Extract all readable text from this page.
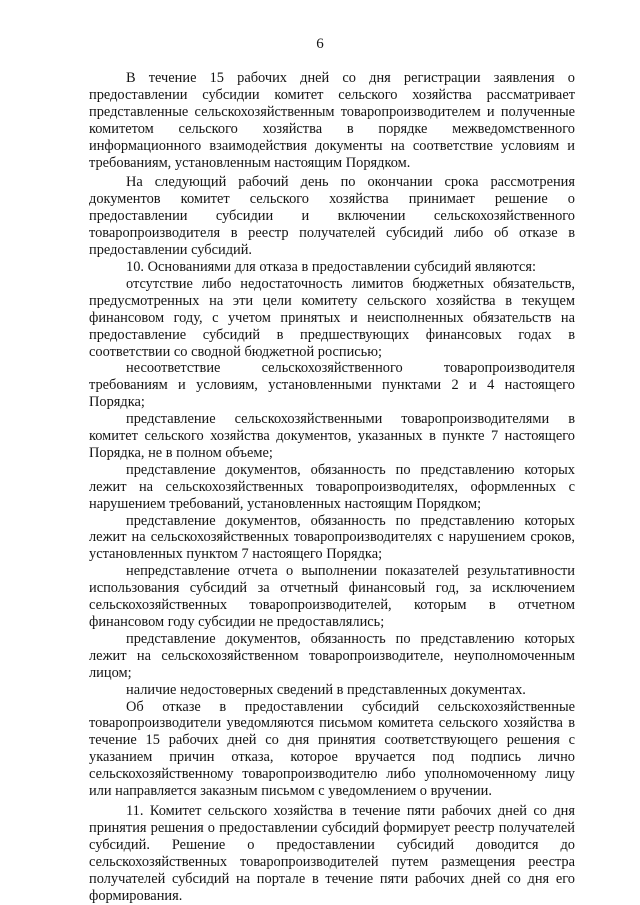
6

В течение 15 рабочих дней со дня регистрации заявления о предоставлении субсидии комитет сельского хозяйства рассматривает представленные сельскохозяйственным товаропроизводителем и полученные комитетом сельского хозяйства в порядке межведомственного информационного взаимодействия документы на соответствие условиям и требованиям, установленным настоящим Порядком.

На следующий рабочий день по окончании срока рассмотрения документов комитет сельского хозяйства принимает решение о предоставлении субсидии и включении сельскохозяйственного товаропроизводителя в реестр получателей субсидий либо об отказе в предоставлении субсидий.

10. Основаниями для отказа в предоставлении субсидий являются:

отсутствие либо недостаточность лимитов бюджетных обязательств, предусмотренных на эти цели комитету сельского хозяйства в текущем финансовом году, с учетом принятых и неисполненных обязательств на предоставление субсидий в предшествующих финансовых годах в соответствии со сводной бюджетной росписью;

несоответствие сельскохозяйственного товаропроизводителя требованиям и условиям, установленными пунктами 2 и 4 настоящего Порядка;

представление сельскохозяйственными товаропроизводителями в комитет сельского хозяйства документов, указанных в пункте 7 настоящего Порядка, не в полном объеме;

представление документов, обязанность по представлению которых лежит на сельскохозяйственных товаропроизводителях, оформленных с нарушением требований, установленных настоящим Порядком;

представление документов, обязанность по представлению которых лежит на сельскохозяйственных товаропроизводителях с нарушением сроков, установленных пунктом 7 настоящего Порядка;

непредставление отчета о выполнении показателей результативности использования субсидий за отчетный финансовый год, за исключением сельскохозяйственных товаропроизводителей, которым в отчетном финансовом году субсидии не предоставлялись;

представление документов, обязанность по представлению которых лежит на сельскохозяйственном товаропроизводителе, неуполномоченным лицом;

наличие недостоверных сведений в представленных документах.

Об отказе в предоставлении субсидий сельскохозяйственные товаропроизводители уведомляются письмом комитета сельского хозяйства в течение 15 рабочих дней со дня принятия соответствующего решения с указанием причин отказа, которое вручается под подпись лично сельскохозяйственному товаропроизводителю либо уполномоченному лицу или направляется заказным письмом с уведомлением о вручении.

11. Комитет сельского хозяйства в течение пяти рабочих дней со дня принятия решения о предоставлении субсидий формирует реестр получателей субсидий. Решение о предоставлении субсидий доводится до сельскохозяйственных товаропроизводителей путем размещения реестра получателей субсидий на портале в течение пяти рабочих дней со дня его формирования.
